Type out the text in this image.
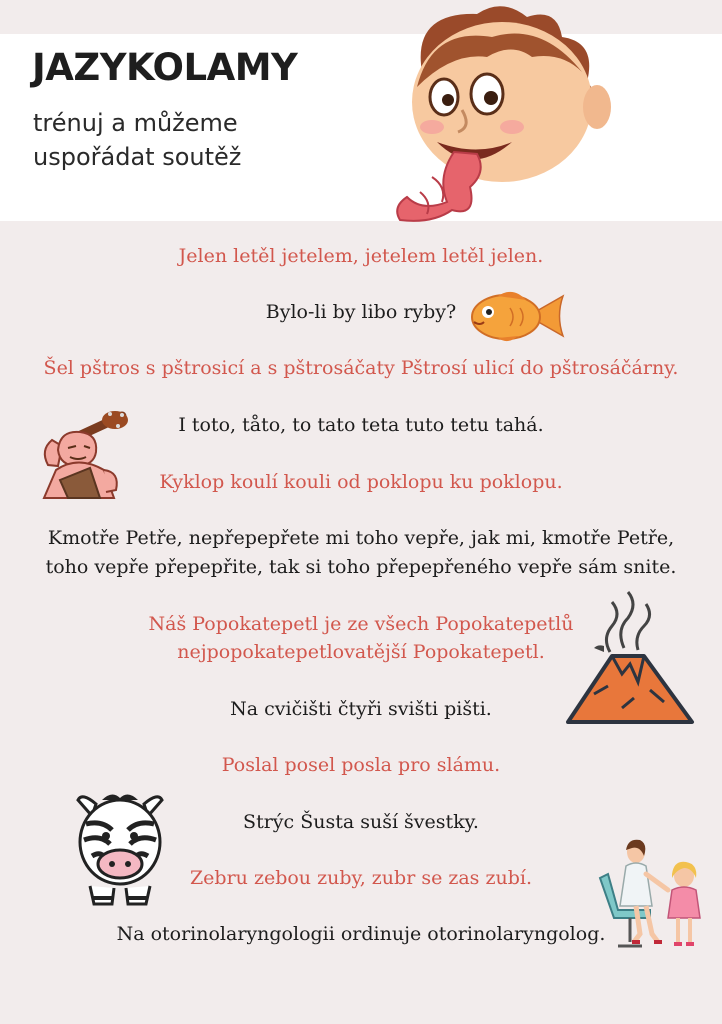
JAZYKOLAMY
trénuj a můžeme
uspořádat soutěž
Jelen letěl jetelem, jetelem letěl jelen.
Bylo-li by libo ryby?
Šel pštros s pštrosicí a s pštrosáčaty Pštrosí ulicí do pštrosáčárny.
I toto, tåto, to tato teta tuto tetu tahá.
Kyklop koulí kouli od poklopu ku poklopu.
Kmotře Petře, nepřepepřete mi toho vepře, jak mi, kmotře Petře,
toho vepře přepepřite, tak si toho přepepřeného vepře sám snite.
Náš Popokatepetl je ze všech Popokatepetlů
nejpopokatepetlovatější Popokatepetl.
Na cvičišti čtyři svišti pišti.
Poslal posel posla pro slámu.
Strýc Šusta suší švestky.
Zebru zebou zuby, zubr se zas zubí.
Na otorinolaryngologii ordinuje otorinolaryngolog.
